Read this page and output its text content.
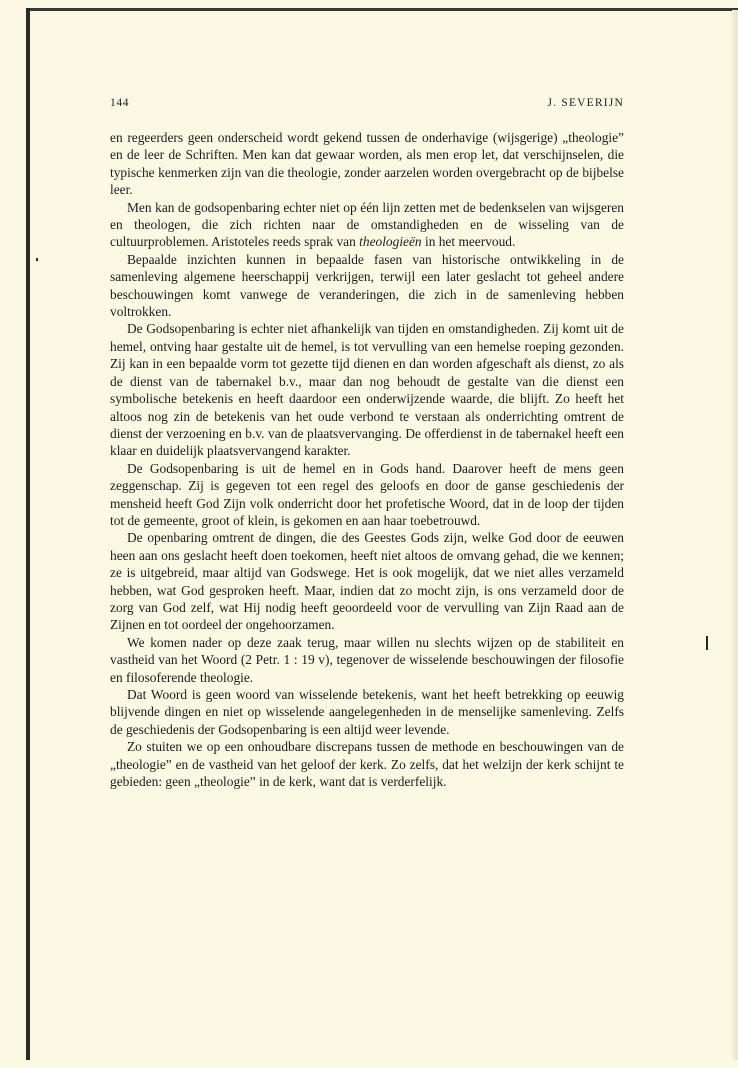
144	J. SEVERIJN

en regeerders geen onderscheid wordt gekend tussen de onderhavige (wijsgerige) „theologie” en de leer de Schriften. Men kan dat gewaar worden, als men erop let, dat verschijnselen, die typische kenmerken zijn van die theologie, zonder aarzelen worden overgebracht op de bijbelse leer.

Men kan de godsopenbaring echter niet op één lijn zetten met de bedenkselen van wijsgeren en theologen, die zich richten naar de omstandigheden en de wisseling van de cultuurproblemen. Aristoteles reeds sprak van theologieën in het meervoud.

Bepaalde inzichten kunnen in bepaalde fasen van historische ontwikkeling in de samenleving algemene heerschappij verkrijgen, terwijl een later geslacht tot geheel andere beschouwingen komt vanwege de veranderingen, die zich in de samenleving hebben voltrokken.

De Godsopenbaring is echter niet afhankelijk van tijden en omstandigheden. Zij komt uit de hemel, ontving haar gestalte uit de hemel, is tot vervulling van een hemelse roeping gezonden. Zij kan in een bepaalde vorm tot gezette tijd dienen en dan worden afgeschaft als dienst, zo als de dienst van de tabernakel b.v., maar dan nog behoudt de gestalte van die dienst een symbolische betekenis en heeft daardoor een onderwijzende waarde, die blijft. Zo heeft het altoos nog zin de betekenis van het oude verbond te verstaan als onderrichting omtrent de dienst der verzoening en b.v. van de plaatsvervanging. De offerdienst in de tabernakel heeft een klaar en duidelijk plaatsvervangend karakter.

De Godsopenbaring is uit de hemel en in Gods hand. Daarover heeft de mens geen zeggenschap. Zij is gegeven tot een regel des geloofs en door de ganse geschiedenis der mensheid heeft God Zijn volk onderricht door het profetische Woord, dat in de loop der tijden tot de gemeente, groot of klein, is gekomen en aan haar toebetrouwd.

De openbaring omtrent de dingen, die des Geestes Gods zijn, welke God door de eeuwen heen aan ons geslacht heeft doen toekomen, heeft niet altoos de omvang gehad, die we kennen; ze is uitgebreid, maar altijd van Godswege. Het is ook mogelijk, dat we niet alles verzameld hebben, wat God gesproken heeft. Maar, indien dat zo mocht zijn, is ons verzameld door de zorg van God zelf, wat Hij nodig heeft geoordeeld voor de vervulling van Zijn Raad aan de Zijnen en tot oordeel der ongehoorzamen.

We komen nader op deze zaak terug, maar willen nu slechts wijzen op de stabiliteit en vastheid van het Woord (2 Petr. 1 : 19 v), tegenover de wisselende beschouwingen der filosofie en filosoferende theologie.

Dat Woord is geen woord van wisselende betekenis, want het heeft betrekking op eeuwig blijvende dingen en niet op wisselende aangelegenheden in de menselijke samenleving. Zelfs de geschiedenis der Godsopenbaring is een altijd weer levende.

Zo stuiten we op een onhoudbare discrepans tussen de methode en beschouwingen van de „theologie” en de vastheid van het geloof der kerk. Zo zelfs, dat het welzijn der kerk schijnt te gebieden: geen „theologie” in de kerk, want dat is verderfelijk.
